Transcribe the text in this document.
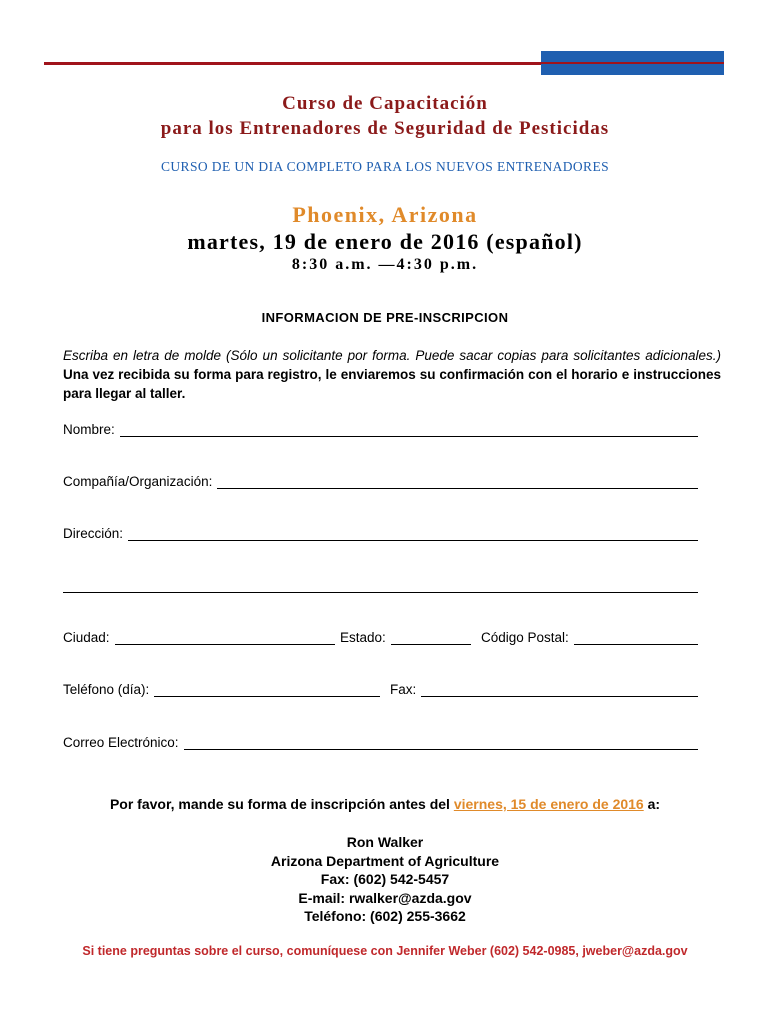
Curso de Capacitación
para los Entrenadores de Seguridad de Pesticidas
CURSO DE UN DIA COMPLETO PARA LOS NUEVOS ENTRENADORES
Phoenix, Arizona
martes, 19 de enero de 2016 (español)
8:30 a.m. —4:30 p.m.
INFORMACION DE PRE-INSCRIPCION
Escriba en letra de molde (Sólo un solicitante por forma. Puede sacar copias para solicitantes adicionales.) Una vez recibida su forma para registro, le enviaremos su confirmación con el horario e instrucciones para llegar al taller.
Nombre:
Compañía/Organización:
Dirección:
Ciudad:	Estado:	Código Postal:
Teléfono (día):	Fax:
Correo Electrónico:
Por favor, mande su forma de inscripción antes del viernes, 15 de enero de 2016 a:
Ron Walker
Arizona Department of Agriculture
Fax: (602) 542-5457
E-mail: rwalker@azda.gov
Teléfono: (602) 255-3662
Si tiene preguntas sobre el curso, comuníquese con Jennifer Weber (602) 542-0985, jweber@azda.gov
